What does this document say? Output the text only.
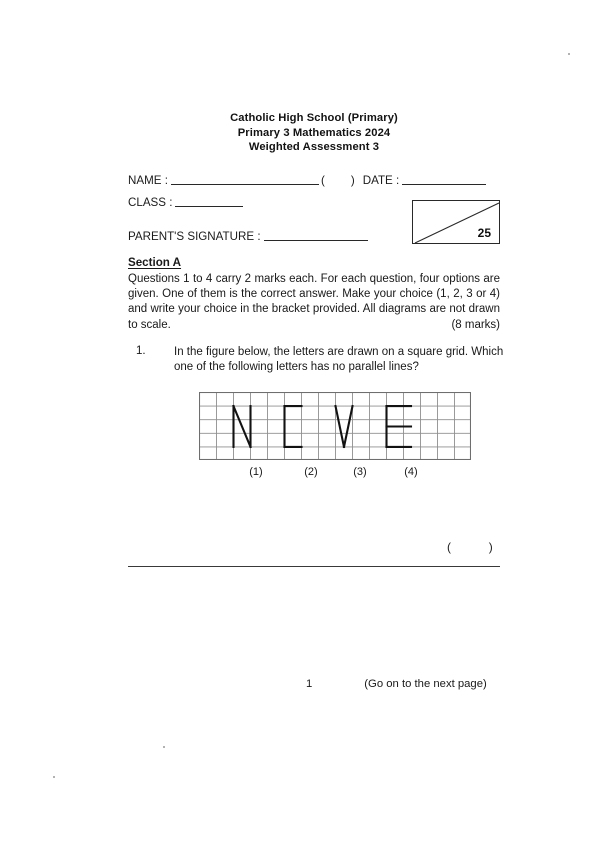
Catholic High School (Primary)
Primary 3 Mathematics 2024
Weighted Assessment 3
NAME :	( ) DATE :
CLASS :
PARENT'S SIGNATURE :	25
Section A
Questions 1 to 4 carry 2 marks each. For each question, four options are given. One of them is the correct answer. Make your choice (1, 2, 3 or 4) and write your choice in the bracket provided. All diagrams are not drawn to scale.	(8 marks)
1. In the figure below, the letters are drawn on a square grid. Which one of the following letters has no parallel lines?
(1)	(2)	(3)	(4)
(	)
1	(Go on to the next page)
